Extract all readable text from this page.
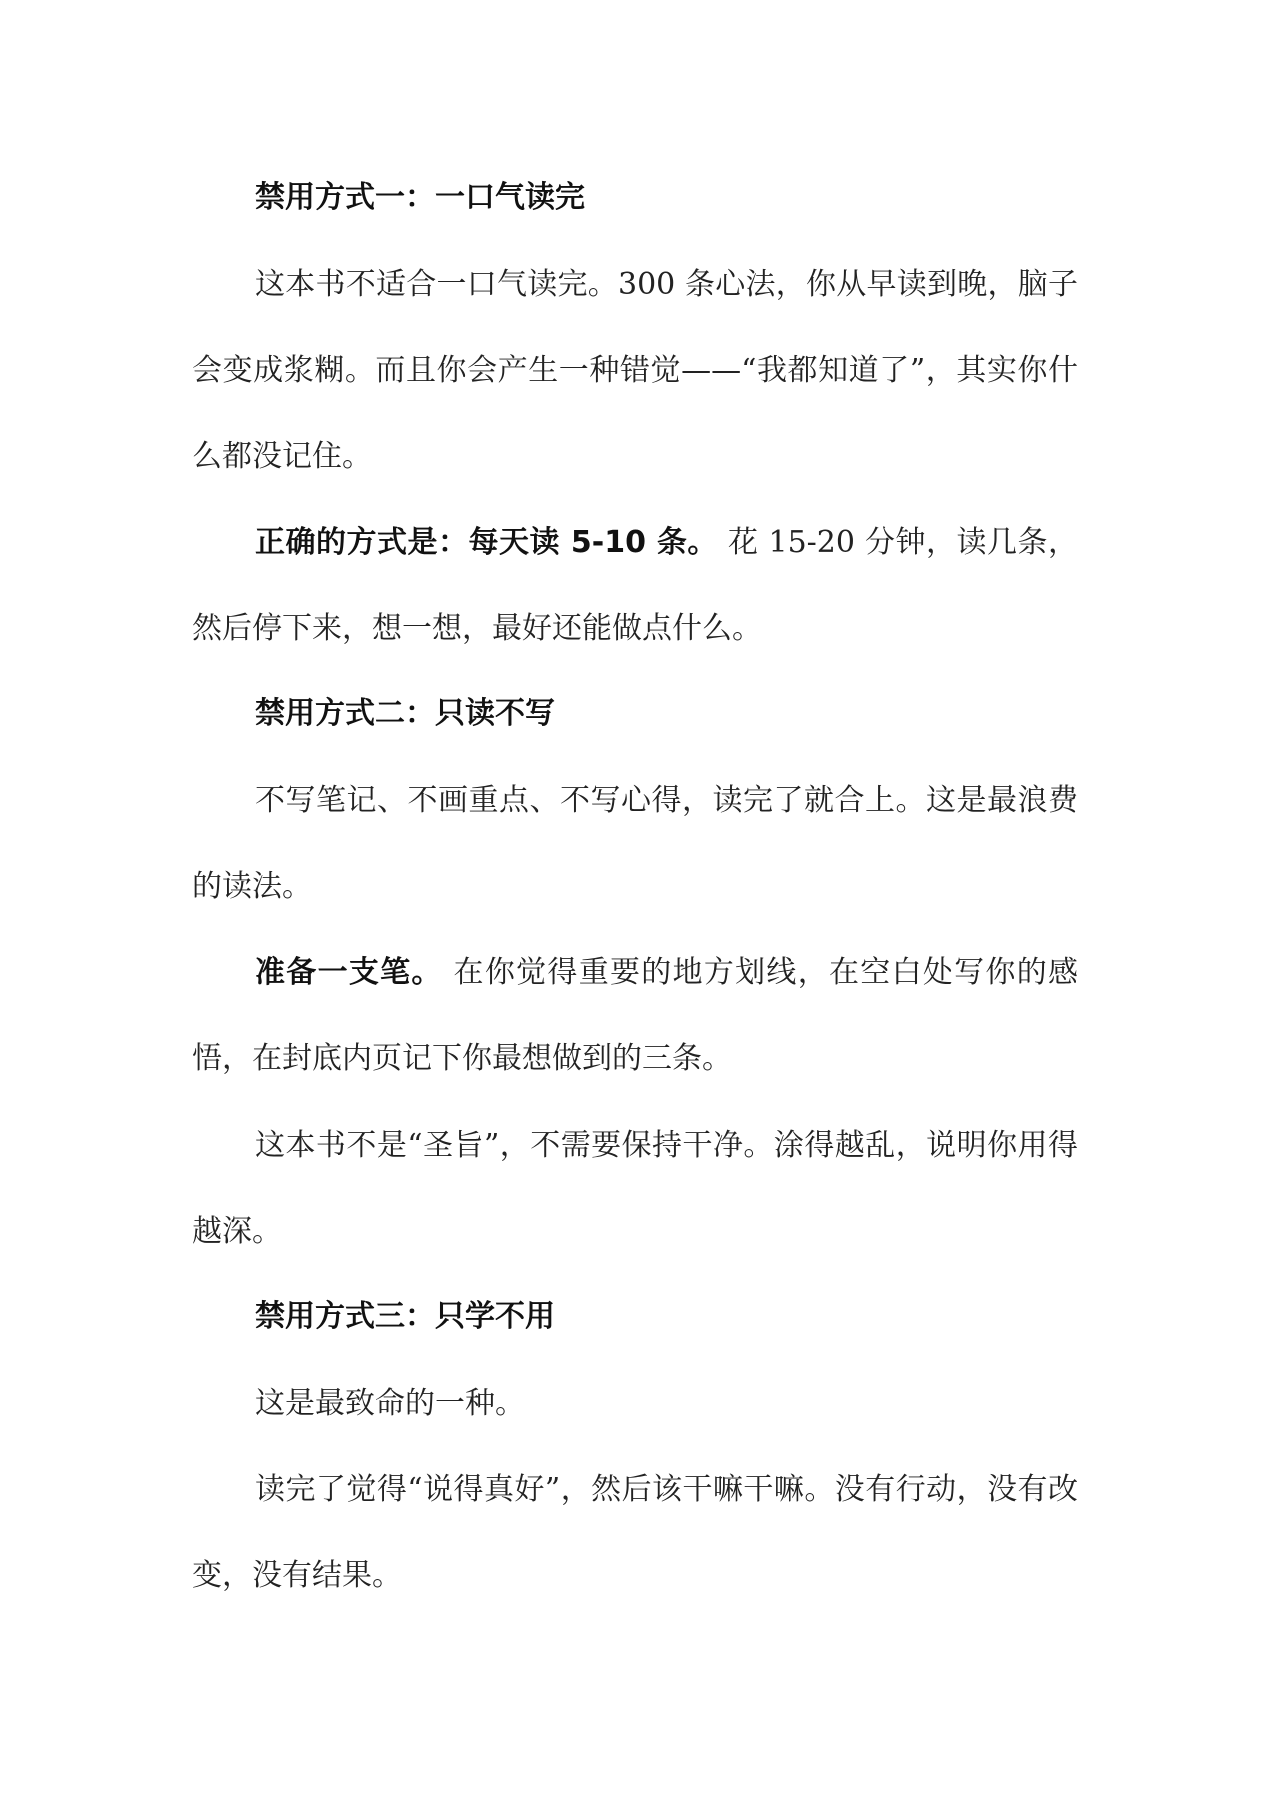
禁用方式一：一口气读完

这本书不适合一口气读完。300 条心法，你从早读到晚，脑子会变成浆糊。而且你会产生一种错觉——“我都知道了”，其实你什么都没记住。

正确的方式是：每天读 5-10 条。 花 15-20 分钟，读几条，然后停下来，想一想，最好还能做点什么。

禁用方式二：只读不写

不写笔记、不画重点、不写心得，读完了就合上。这是最浪费的读法。

准备一支笔。 在你觉得重要的地方划线，在空白处写你的感悟，在封底内页记下你最想做到的三条。

这本书不是“圣旨”，不需要保持干净。涂得越乱，说明你用得越深。

禁用方式三：只学不用

这是最致命的一种。

读完了觉得“说得真好”，然后该干嘛干嘛。没有行动，没有改变，没有结果。
